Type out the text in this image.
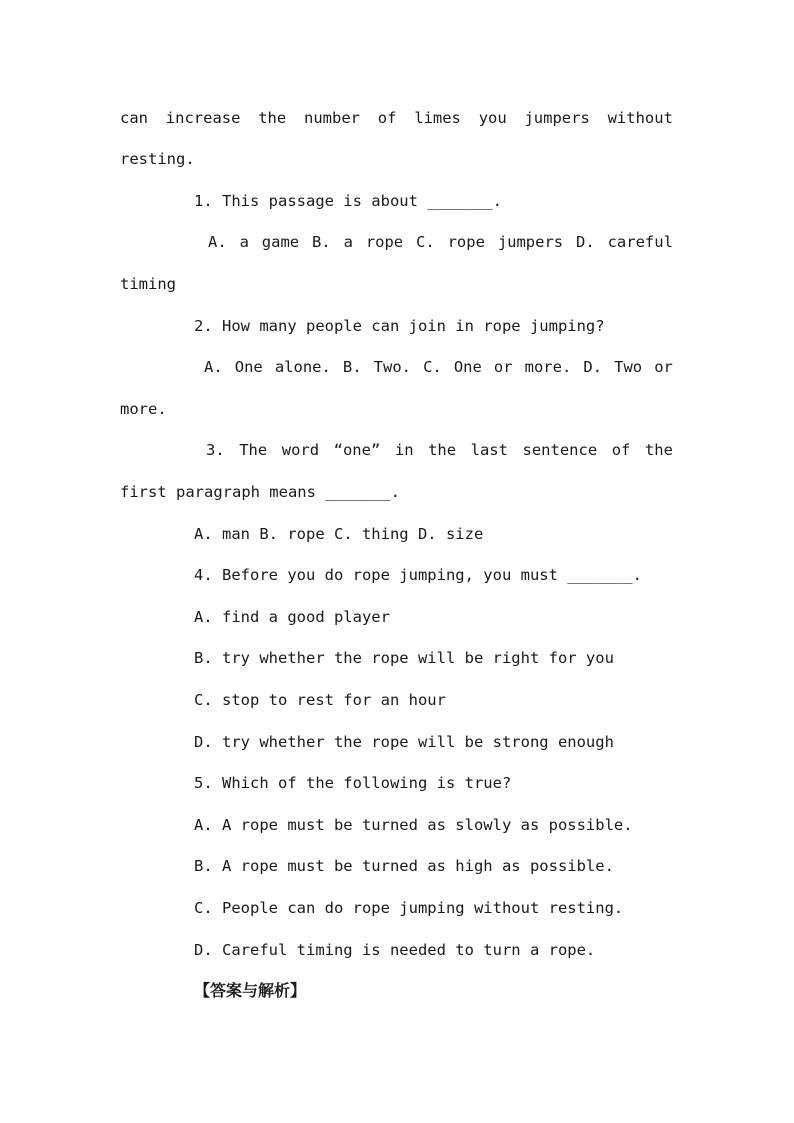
can increase the number of limes you jumpers without
resting.
1. This passage is about _______.
A. a game B. a rope C. rope jumpers D. careful
timing
2. How many people can join in rope jumping?
A. One alone. B. Two. C. One or more. D. Two or
more.
3. The word “one” in the last sentence of the
first paragraph means _______.
A. man B. rope C. thing D. size
4. Before you do rope jumping, you must _______.
A. find a good player
B. try whether the rope will be right for you
C. stop to rest for an hour
D. try whether the rope will be strong enough
5. Which of the following is true?
A. A rope must be turned as slowly as possible.
B. A rope must be turned as high as possible.
C. People can do rope jumping without resting.
D. Careful timing is needed to turn a rope.
【答案与解析】
